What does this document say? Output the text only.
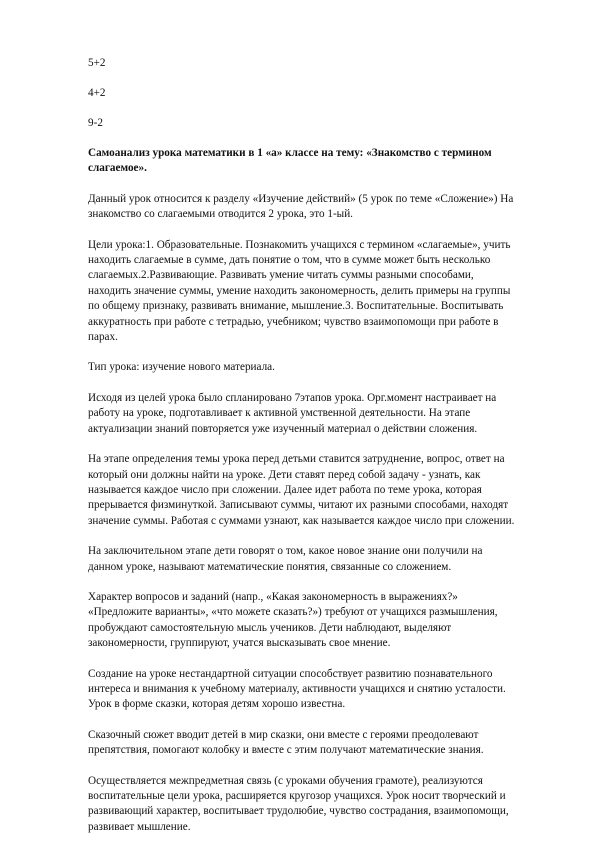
5+2
4+2
9-2
Самоанализ урока математики в 1 «а» классе на тему: «Знакомство с термином слагаемое».
Данный урок относится к разделу «Изучение действий» (5 урок по теме «Сложение») На знакомство со слагаемыми отводится 2 урока, это 1-ый.
Цели урока:1. Образовательные. Познакомить учащихся с термином «слагаемые», учить находить слагаемые в сумме, дать понятие о том, что в сумме может быть несколько слагаемых.2.Развивающие. Развивать умение читать суммы разными способами, находить значение суммы, умение находить закономерность, делить примеры на группы по общему признаку, развивать внимание, мышление.3. Воспитательные. Воспитывать аккуратность при работе с тетрадью, учебником; чувство взаимопомощи при работе в парах.
Тип урока: изучение нового материала.
Исходя из целей урока было спланировано 7этапов урока. Орг.момент настраивает на работу на уроке, подготавливает к активной умственной деятельности. На этапе актуализации знаний повторяется уже изученный материал о действии сложения.
На этапе определения темы урока перед детьми ставится затруднение, вопрос, ответ на который они должны найти на уроке. Дети ставят перед собой задачу - узнать, как называется каждое число при сложении. Далее идет работа по теме урока, которая прерывается физминуткой. Записывают суммы, читают их разными способами, находят значение суммы. Работая с суммами узнают, как называется каждое число при сложении.
На заключительном этапе дети говорят о том, какое новое знание они получили на данном уроке, называют математические понятия, связанные со сложением.
Характер вопросов и заданий (напр., «Какая закономерность в выражениях?» «Предложите варианты», «что можете сказать?») требуют от учащихся размышления, пробуждают самостоятельную мысль учеников. Дети наблюдают, выделяют закономерности, группируют, учатся высказывать свое мнение.
Создание на уроке нестандартной ситуации способствует развитию познавательного интереса и внимания к учебному материалу, активности учащихся и снятию усталости. Урок в форме сказки, которая детям хорошо известна.
Сказочный сюжет вводит детей в мир сказки, они вместе с героями преодолевают препятствия, помогают колобку и вместе с этим получают математические знания.
Осуществляется межпредметная связь (с уроками обучения грамоте), реализуются воспитательные цели урока, расширяется кругозор учащихся. Урок носит творческий и развивающий характер, воспитывает трудолюбие, чувство сострадания, взаимопомощи, развивает мышление.
